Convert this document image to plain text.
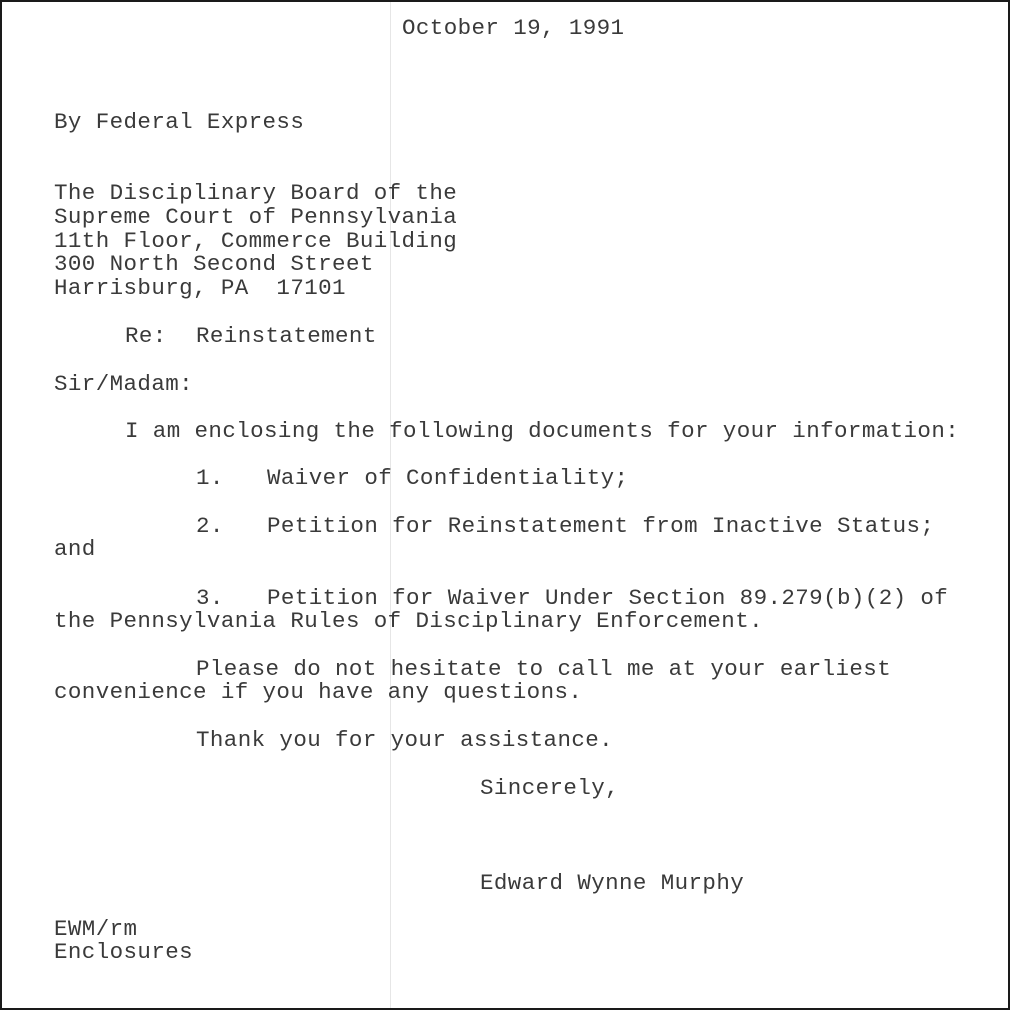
October 19, 1991

By Federal Express

The Disciplinary Board of the

Supreme Court of Pennsylvania

11th Floor, Commerce Building

300 North Second Street

Harrisburg, PA  17101

Re: Reinstatement

Sir/Madam:

I am enclosing the following documents for your information:

1. Waiver of Confidentiality;

2. Petition for Reinstatement from Inactive Status;

and

3. Petition for Waiver Under Section 89.279(b)(2) of

the Pennsylvania Rules of Disciplinary Enforcement.

Please do not hesitate to call me at your earliest

convenience if you have any questions.

Thank you for your assistance.

Sincerely,

Edward Wynne Murphy

EWM/rm

Enclosures
